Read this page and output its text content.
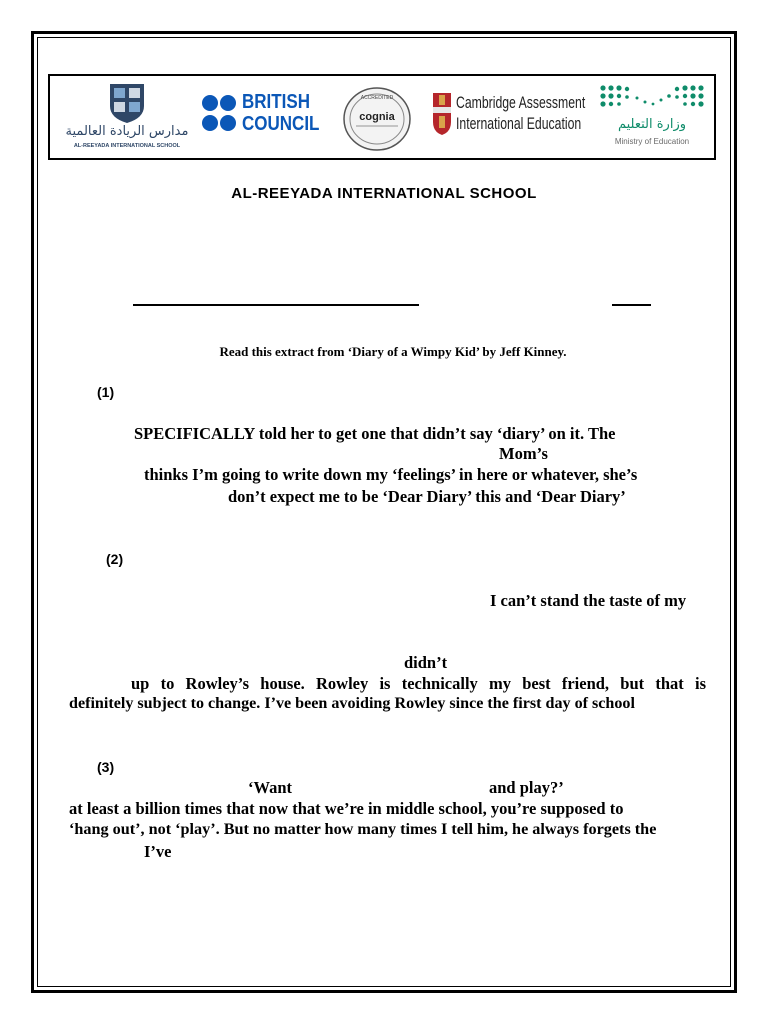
مدارس الريادة العالمية
AL-REEYADA INTERNATIONAL SCHOOL
BRITISH
COUNCIL
ACCREDITED
cognia
Cambridge Assessment
International Education	وزارة التعليم
Ministry of Education
AL-REEYADA INTERNATIONAL SCHOOL
Read this extract from ‘Diary of a Wimpy Kid’ by Jeff Kinney.
(1)
SPECIFICALLY told her to get one that didn’t say ‘diary’ on it. The
Mom’s
thinks I’m going to write down my ‘feelings’ in here or whatever, she’s
don’t expect me to be ‘Dear Diary’ this and ‘Dear Diary’
(2)
I can’t stand the taste of my
didn’t
up to Rowley’s house. Rowley is technically my best friend, but that is
definitely subject to change. I’ve been avoiding Rowley since the first day of school
(3)
‘Want	and play?’
at least a billion times that now that we’re in middle school, you’re supposed to
‘hang out’, not ‘play’. But no matter how many times I tell him, he always forgets the
I’ve
